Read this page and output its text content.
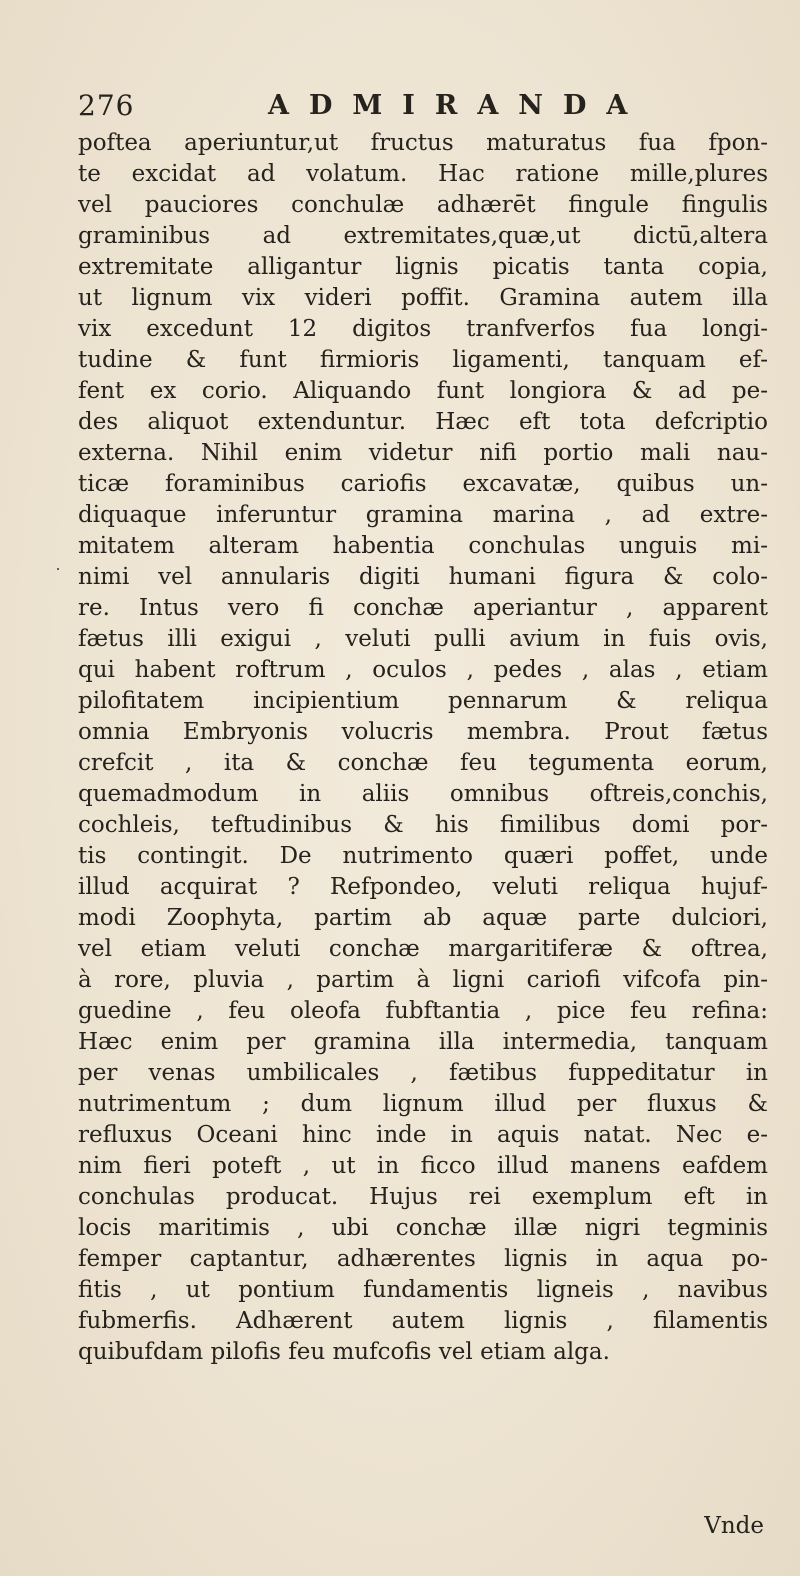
276	ADMIRANDA
poftea aperiuntur,ut fructus maturatus fua fpon-
te excidat ad volatum. Hac ratione mille,plures
vel pauciores conchulæ adhærēt fingule fingulis
graminibus ad extremitates,quæ,ut dictū,altera
extremitate alligantur lignis picatis tanta copia,
ut lignum vix videri poffit. Gramina autem illa
vix excedunt 12 digitos tranfverfos fua longi-
tudine & funt firmioris ligamenti, tanquam ef-
fent ex corio. Aliquando funt longiora & ad pe-
des aliquot extenduntur. Hæc eft tota defcriptio
externa. Nihil enim videtur nifi portio mali nau-
ticæ foraminibus cariofis excavatæ, quibus un-
diquaque inferuntur gramina marina , ad extre-
mitatem alteram habentia conchulas unguis mi-
nimi vel annularis digiti humani figura & colo-
re. Intus vero fi conchæ aperiantur , apparent
fætus illi exigui , veluti pulli avium in fuis ovis,
qui habent roftrum , oculos , pedes , alas , etiam
pilofitatem incipientium pennarum & reliqua
omnia Embryonis volucris membra. Prout fætus
crefcit , ita & conchæ feu tegumenta eorum,
quemadmodum in aliis omnibus oftreis,conchis,
cochleis, teftudinibus & his fimilibus domi por-
tis contingit. De nutrimento quæri poffet, unde
illud acquirat ? Refpondeo, veluti reliqua hujuf-
modi Zoophyta, partim ab aquæ parte dulciori,
vel etiam veluti conchæ margaritiferæ & oftrea,
à rore, pluvia , partim à ligni cariofi vifcofa pin-
guedine , feu oleofa fubftantia , pice feu refina:
Hæc enim per gramina illa intermedia, tanquam
per venas umbilicales , fætibus fuppeditatur in
nutrimentum ; dum lignum illud per fluxus &
refluxus Oceani hinc inde in aquis natat. Nec e-
nim fieri poteft , ut in ficco illud manens eafdem
conchulas producat. Hujus rei exemplum eft in
locis maritimis , ubi conchæ illæ nigri tegminis
femper captantur, adhærentes lignis in aqua po-
fitis , ut pontium fundamentis ligneis , navibus
fubmerfis. Adhærent autem lignis , filamentis
quibufdam pilofis feu mufcofis vel etiam alga.
Vnde
